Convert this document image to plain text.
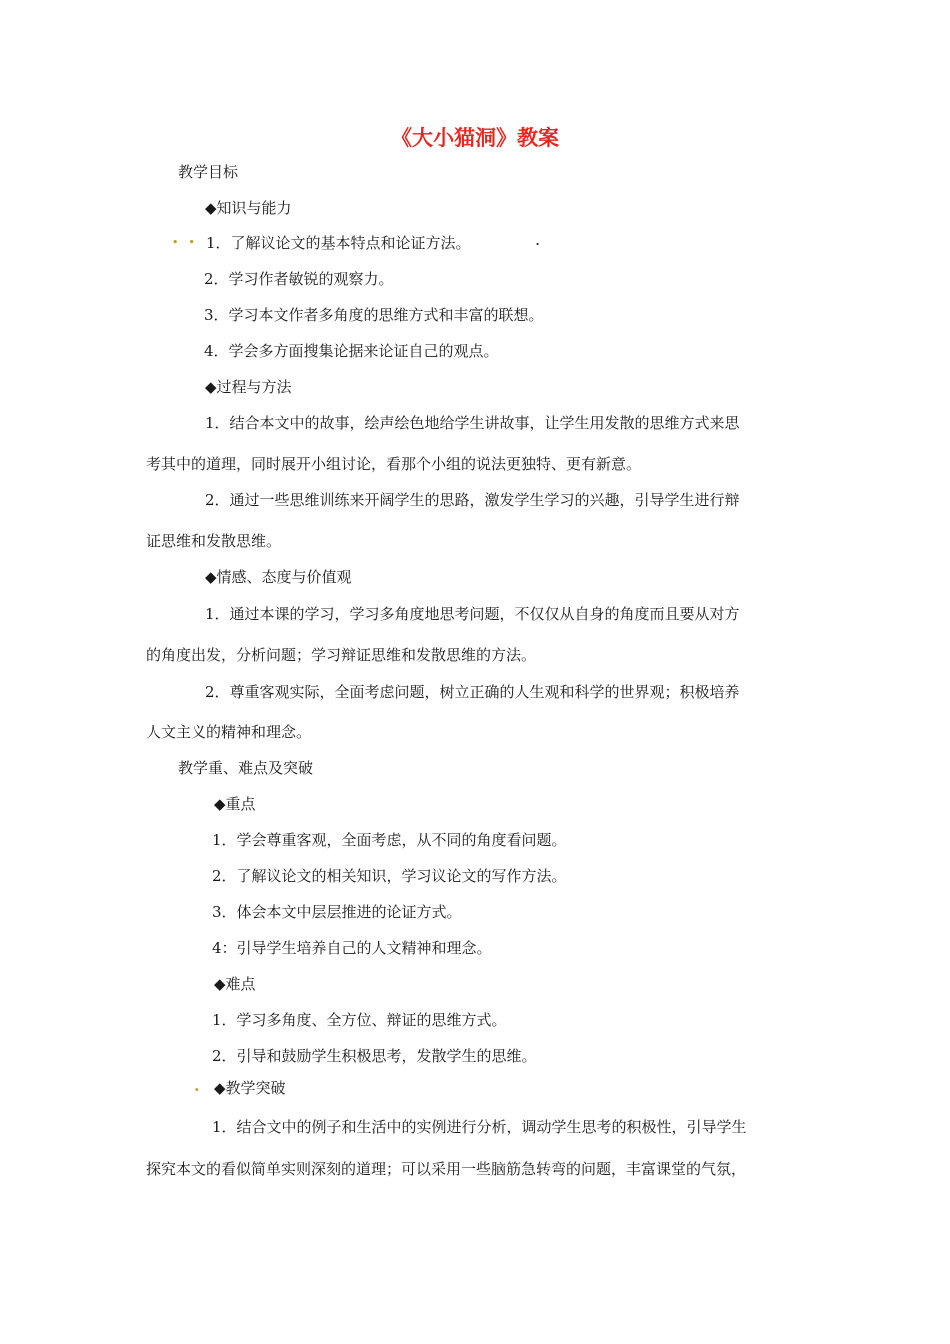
《大小猫洞》教案
教学目标
◆知识与能力
. . 1．了解议论文的基本特点和论证方法。	.
2．学习作者敏锐的观察力。
3．学习本文作者多角度的思维方式和丰富的联想。
4．学会多方面搜集论据来论证自己的观点。
◆过程与方法
1．结合本文中的故事，绘声绘色地给学生讲故事，让学生用发散的思维方式来思
考其中的道理，同时展开小组讨论，看那个小组的说法更独特、更有新意。
2．通过一些思维训练来开阔学生的思路，激发学生学习的兴趣，引导学生进行辩
证思维和发散思维。
◆情感、态度与价值观
1．通过本课的学习，学习多角度地思考问题，不仅仅从自身的角度而且要从对方
的角度出发，分析问题；学习辩证思维和发散思维的方法。
2．尊重客观实际，全面考虑问题，树立正确的人生观和科学的世界观；积极培养
人文主义的精神和理念。
教学重、难点及突破
◆重点
1．学会尊重客观，全面考虑，从不同的角度看问题。
2．了解议论文的相关知识，学习议论文的写作方法。
3．体会本文中层层推进的论证方式。
4：引导学生培养自己的人文精神和理念。
◆难点
1．学习多角度、全方位、辩证的思维方式。
2．引导和鼓励学生积极思考，发散学生的思维。
. ◆教学突破
1．结合文中的例子和生活中的实例进行分析，调动学生思考的积极性，引导学生
探究本文的看似简单实则深刻的道理；可以采用一些脑筋急转弯的问题，丰富课堂的气氛，
